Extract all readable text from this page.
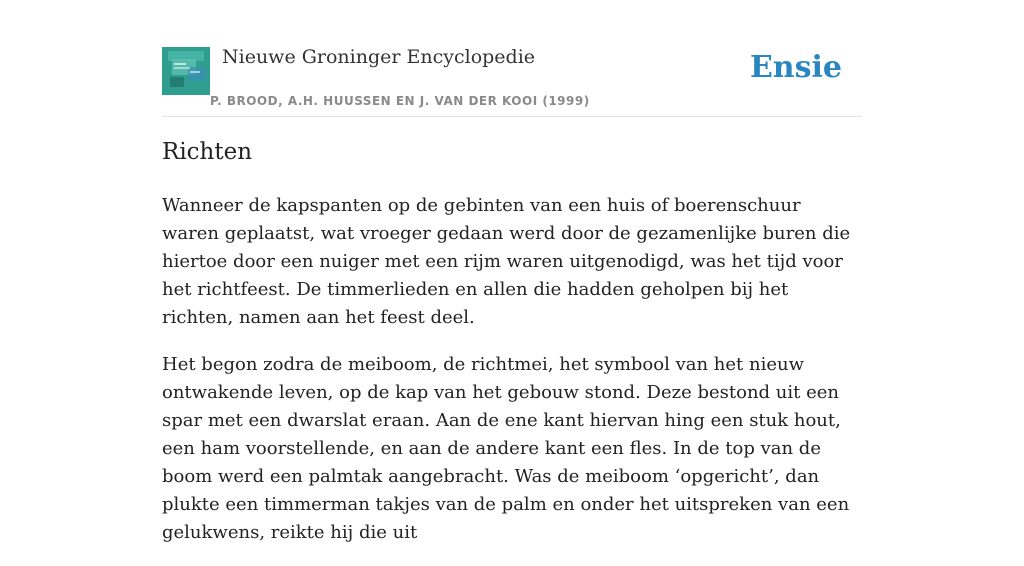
Nieuwe Groninger Encyclopedie
P. BROOD, A.H. HUUSSEN EN J. VAN DER KOOI (1999)
Ensie
Richten

Wanneer de kapspanten op de gebinten van een huis of boerenschuur waren geplaatst, wat vroeger gedaan werd door de gezamenlijke buren die hiertoe door een nuiger met een rijm waren uitgenodigd, was het tijd voor het richtfeest. De timmerlieden en allen die hadden geholpen bij het richten, namen aan het feest deel.

Het begon zodra de meiboom, de richtmei, het symbool van het nieuw ontwakende leven, op de kap van het gebouw stond. Deze bestond uit een spar met een dwarslat eraan. Aan de ene kant hiervan hing een stuk hout, een ham voorstellende, en aan de andere kant een fles. In de top van de boom werd een palmtak aangebracht. Was de meiboom ‘opgericht’, dan plukte een timmerman takjes van de palm en onder het uitspreken van een gelukwens, reikte hij die uit
